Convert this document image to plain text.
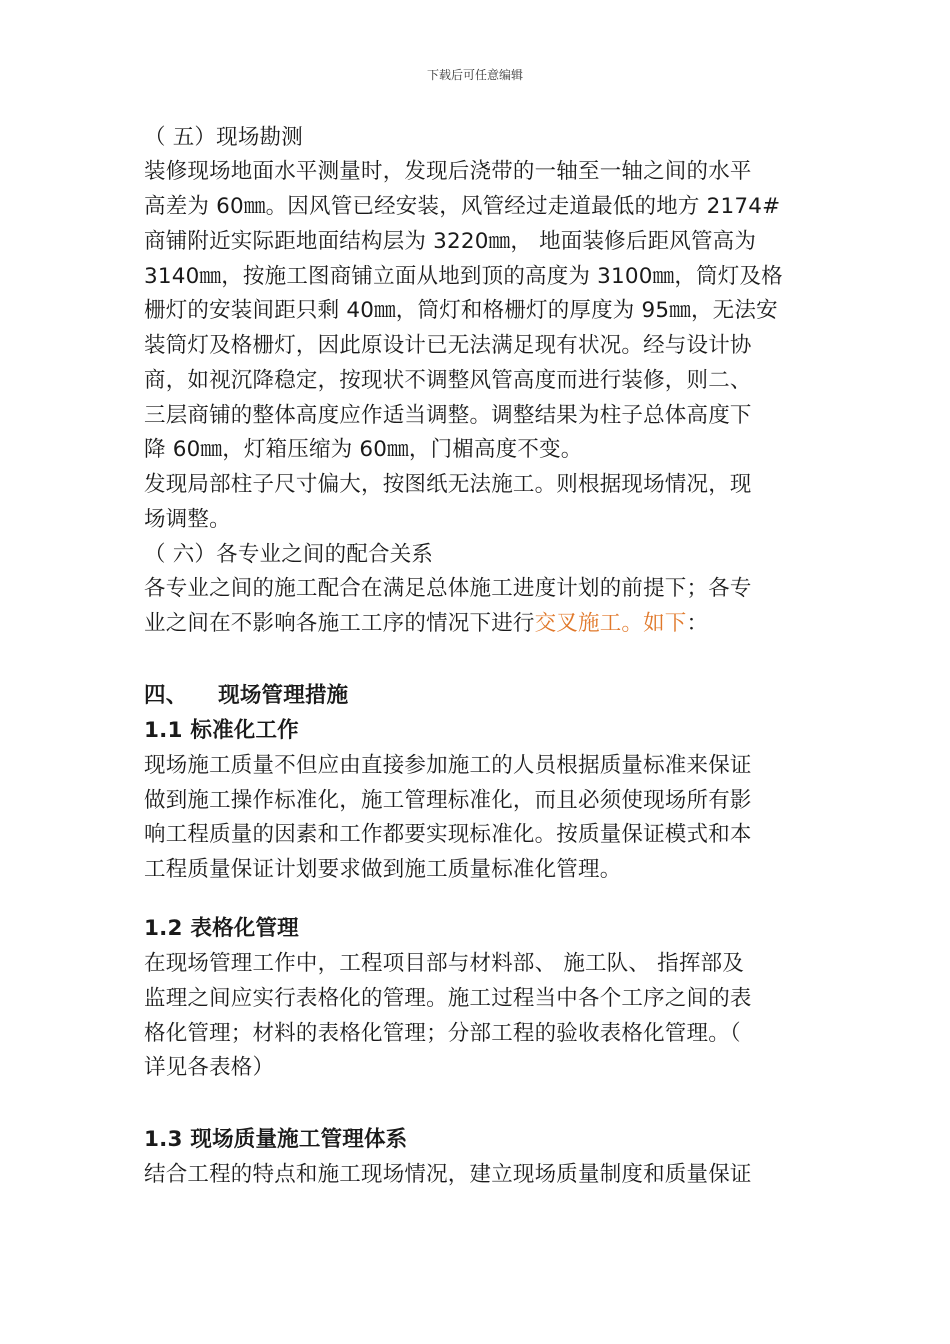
下载后可任意编辑
（ 五）现场勘测
装修现场地面水平测量时，发现后浇带的一轴至一轴之间的水平
高差为 60㎜。因风管已经安装，风管经过走道最低的地方 2174#
商铺附近实际距地面结构层为 3220㎜， 地面装修后距风管高为
3140㎜，按施工图商铺立面从地到顶的高度为 3100㎜，筒灯及格
栅灯的安装间距只剩 40㎜，筒灯和格栅灯的厚度为 95㎜，无法安
装筒灯及格栅灯，因此原设计已无法满足现有状况。经与设计协
商，如视沉降稳定，按现状不调整风管高度而进行装修，则二、
三层商铺的整体高度应作适当调整。调整结果为柱子总体高度下
降 60㎜，灯箱压缩为 60㎜，门楣高度不变。
发现局部柱子尺寸偏大，按图纸无法施工。则根据现场情况，现
场调整。
（ 六）各专业之间的配合关系
各专业之间的施工配合在满足总体施工进度计划的前提下；各专
业之间在不影响各施工工序的情况下进行交叉施工。如下：
四、    现场管理措施
1.1 标准化工作
现场施工质量不但应由直接参加施工的人员根据质量标准来保证
做到施工操作标准化，施工管理标准化，而且必须使现场所有影
响工程质量的因素和工作都要实现标准化。按质量保证模式和本
工程质量保证计划要求做到施工质量标准化管理。
1.2 表格化管理
在现场管理工作中，工程项目部与材料部、 施工队、 指挥部及
监理之间应实行表格化的管理。施工过程当中各个工序之间的表
格化管理；材料的表格化管理；分部工程的验收表格化管理。（
详见各表格）
1.3 现场质量施工管理体系
结合工程的特点和施工现场情况，建立现场质量制度和质量保证
